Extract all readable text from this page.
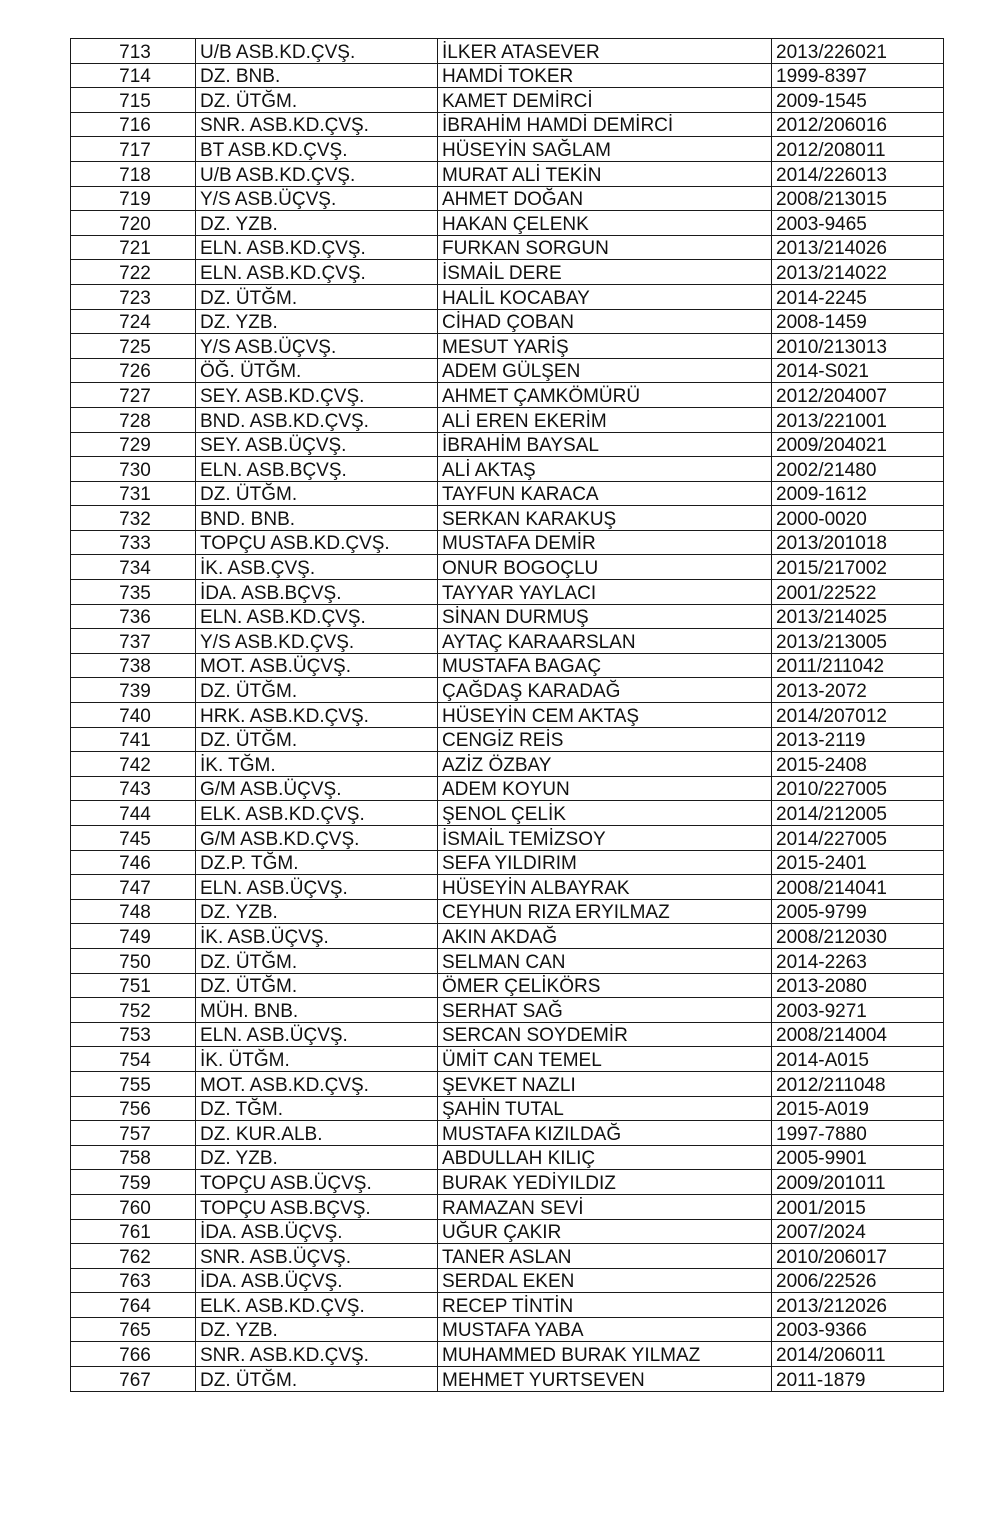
713	U/B ASB.KD.ÇVŞ.	İLKER ATASEVER	2013/226021
714	DZ. BNB.	HAMDİ TOKER	1999-8397
715	DZ. ÜTĞM.	KAMET DEMİRCİ	2009-1545
716	SNR. ASB.KD.ÇVŞ.	İBRAHİM HAMDİ DEMİRCİ	2012/206016
717	BT ASB.KD.ÇVŞ.	HÜSEYİN SAĞLAM	2012/208011
718	U/B ASB.KD.ÇVŞ.	MURAT ALİ TEKİN	2014/226013
719	Y/S ASB.ÜÇVŞ.	AHMET DOĞAN	2008/213015
720	DZ. YZB.	HAKAN ÇELENK	2003-9465
721	ELN. ASB.KD.ÇVŞ.	FURKAN SORGUN	2013/214026
722	ELN. ASB.KD.ÇVŞ.	İSMAİL DERE	2013/214022
723	DZ. ÜTĞM.	HALİL KOCABAY	2014-2245
724	DZ. YZB.	CİHAD ÇOBAN	2008-1459
725	Y/S ASB.ÜÇVŞ.	MESUT YARİŞ	2010/213013
726	ÖĞ. ÜTĞM.	ADEM GÜLŞEN	2014-S021
727	SEY. ASB.KD.ÇVŞ.	AHMET ÇAMKÖMÜRÜ	2012/204007
728	BND. ASB.KD.ÇVŞ.	ALİ EREN EKERİM	2013/221001
729	SEY. ASB.ÜÇVŞ.	İBRAHİM BAYSAL	2009/204021
730	ELN. ASB.BÇVŞ.	ALİ AKTAŞ	2002/21480
731	DZ. ÜTĞM.	TAYFUN KARACA	2009-1612
732	BND. BNB.	SERKAN KARAKUŞ	2000-0020
733	TOPÇU ASB.KD.ÇVŞ.	MUSTAFA DEMİR	2013/201018
734	İK. ASB.ÇVŞ.	ONUR BOGOÇLU	2015/217002
735	İDA. ASB.BÇVŞ.	TAYYAR YAYLACI	2001/22522
736	ELN. ASB.KD.ÇVŞ.	SİNAN DURMUŞ	2013/214025
737	Y/S ASB.KD.ÇVŞ.	AYTAÇ KARAARSLAN	2013/213005
738	MOT. ASB.ÜÇVŞ.	MUSTAFA BAGAÇ	2011/211042
739	DZ. ÜTĞM.	ÇAĞDAŞ KARADAĞ	2013-2072
740	HRK. ASB.KD.ÇVŞ.	HÜSEYİN CEM AKTAŞ	2014/207012
741	DZ. ÜTĞM.	CENGİZ REİS	2013-2119
742	İK. TĞM.	AZİZ ÖZBAY	2015-2408
743	G/M ASB.ÜÇVŞ.	ADEM KOYUN	2010/227005
744	ELK. ASB.KD.ÇVŞ.	ŞENOL ÇELİK	2014/212005
745	G/M ASB.KD.ÇVŞ.	İSMAİL TEMİZSOY	2014/227005
746	DZ.P. TĞM.	SEFA YILDIRIM	2015-2401
747	ELN. ASB.ÜÇVŞ.	HÜSEYİN ALBAYRAK	2008/214041
748	DZ. YZB.	CEYHUN RIZA ERYILMAZ	2005-9799
749	İK. ASB.ÜÇVŞ.	AKIN AKDAĞ	2008/212030
750	DZ. ÜTĞM.	SELMAN CAN	2014-2263
751	DZ. ÜTĞM.	ÖMER ÇELİKÖRS	2013-2080
752	MÜH. BNB.	SERHAT SAĞ	2003-9271
753	ELN. ASB.ÜÇVŞ.	SERCAN SOYDEMİR	2008/214004
754	İK. ÜTĞM.	ÜMİT CAN TEMEL	2014-A015
755	MOT. ASB.KD.ÇVŞ.	ŞEVKET NAZLI	2012/211048
756	DZ. TĞM.	ŞAHİN TUTAL	2015-A019
757	DZ. KUR.ALB.	MUSTAFA KIZILDAĞ	1997-7880
758	DZ. YZB.	ABDULLAH KILIÇ	2005-9901
759	TOPÇU ASB.ÜÇVŞ.	BURAK YEDİYILDIZ	2009/201011
760	TOPÇU ASB.BÇVŞ.	RAMAZAN SEVİ	2001/2015
761	İDA. ASB.ÜÇVŞ.	UĞUR ÇAKIR	2007/2024
762	SNR. ASB.ÜÇVŞ.	TANER ASLAN	2010/206017
763	İDA. ASB.ÜÇVŞ.	SERDAL EKEN	2006/22526
764	ELK. ASB.KD.ÇVŞ.	RECEP TİNTİN	2013/212026
765	DZ. YZB.	MUSTAFA YABA	2003-9366
766	SNR. ASB.KD.ÇVŞ.	MUHAMMED BURAK YILMAZ	2014/206011
767	DZ. ÜTĞM.	MEHMET YURTSEVEN	2011-1879
